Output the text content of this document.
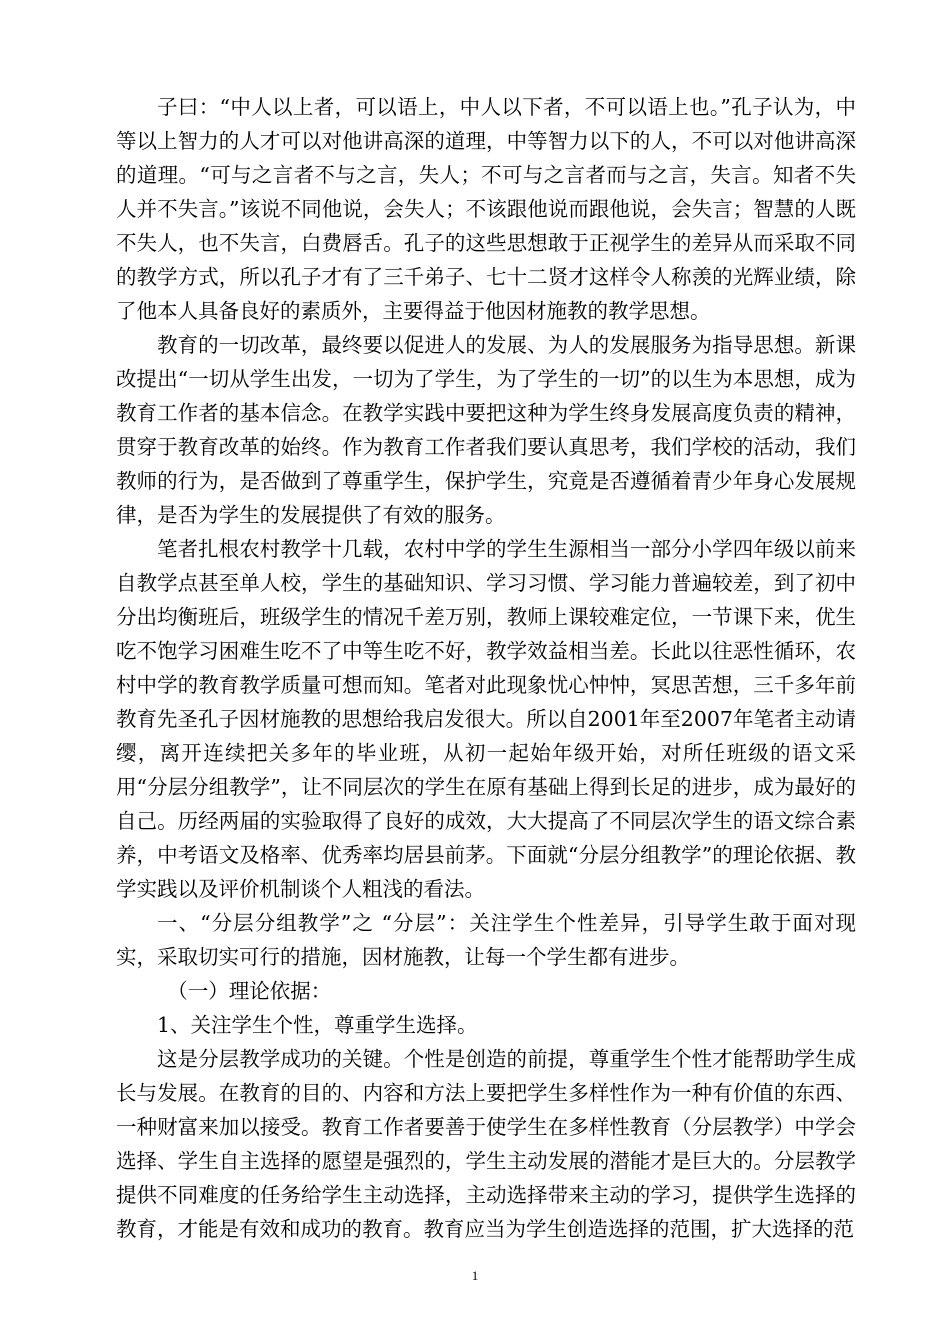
子曰：“中人以上者，可以语上，中人以下者，不可以语上也。”孔子认为，中等以上智力的人才可以对他讲高深的道理，中等智力以下的人，不可以对他讲高深的道理。“可与之言者不与之言，失人；不可与之言者而与之言，失言。知者不失人并不失言。”该说不同他说，会失人；不该跟他说而跟他说，会失言；智慧的人既不失人，也不失言，白费唇舌。孔子的这些思想敢于正视学生的差异从而采取不同的教学方式，所以孔子才有了三千弟子、七十二贤才这样令人称羡的光辉业绩，除了他本人具备良好的素质外，主要得益于他因材施教的教学思想。

教育的一切改革，最终要以促进人的发展、为人的发展服务为指导思想。新课改提出“一切从学生出发，一切为了学生，为了学生的一切”的以生为本思想，成为教育工作者的基本信念。在教学实践中要把这种为学生终身发展高度负责的精神，贯穿于教育改革的始终。作为教育工作者我们要认真思考，我们学校的活动，我们教师的行为，是否做到了尊重学生，保护学生，究竟是否遵循着青少年身心发展规律，是否为学生的发展提供了有效的服务。

笔者扎根农村教学十几载，农村中学的学生生源相当一部分小学四年级以前来自教学点甚至单人校，学生的基础知识、学习习惯、学习能力普遍较差，到了初中分出均衡班后，班级学生的情况千差万别，教师上课较难定位，一节课下来，优生吃不饱学习困难生吃不了中等生吃不好，教学效益相当差。长此以往恶性循环，农村中学的教育教学质量可想而知。笔者对此现象忧心忡忡，冥思苦想，三千多年前教育先圣孔子因材施教的思想给我启发很大。所以自2001年至2007年笔者主动请缨，离开连续把关多年的毕业班，从初一起始年级开始，对所任班级的语文采用“分层分组教学”，让不同层次的学生在原有基础上得到长足的进步，成为最好的自己。历经两届的实验取得了良好的成效，大大提高了不同层次学生的语文综合素养，中考语文及格率、优秀率均居县前茅。下面就“分层分组教学”的理论依据、教学实践以及评价机制谈个人粗浅的看法。

一、“分层分组教学”之 “分层”：关注学生个性差异，引导学生敢于面对现实，采取切实可行的措施，因材施教，让每一个学生都有进步。

（一）理论依据：

1、关注学生个性，尊重学生选择。

这是分层教学成功的关键。个性是创造的前提，尊重学生个性才能帮助学生成长与发展。在教育的目的、内容和方法上要把学生多样性作为一种有价值的东西、一种财富来加以接受。教育工作者要善于使学生在多样性教育（分层教学）中学会选择、学生自主选择的愿望是强烈的，学生主动发展的潜能才是巨大的。分层教学提供不同难度的任务给学生主动选择，主动选择带来主动的学习，提供学生选择的教育，才能是有效和成功的教育。教育应当为学生创造选择的范围，扩大选择的范

1
